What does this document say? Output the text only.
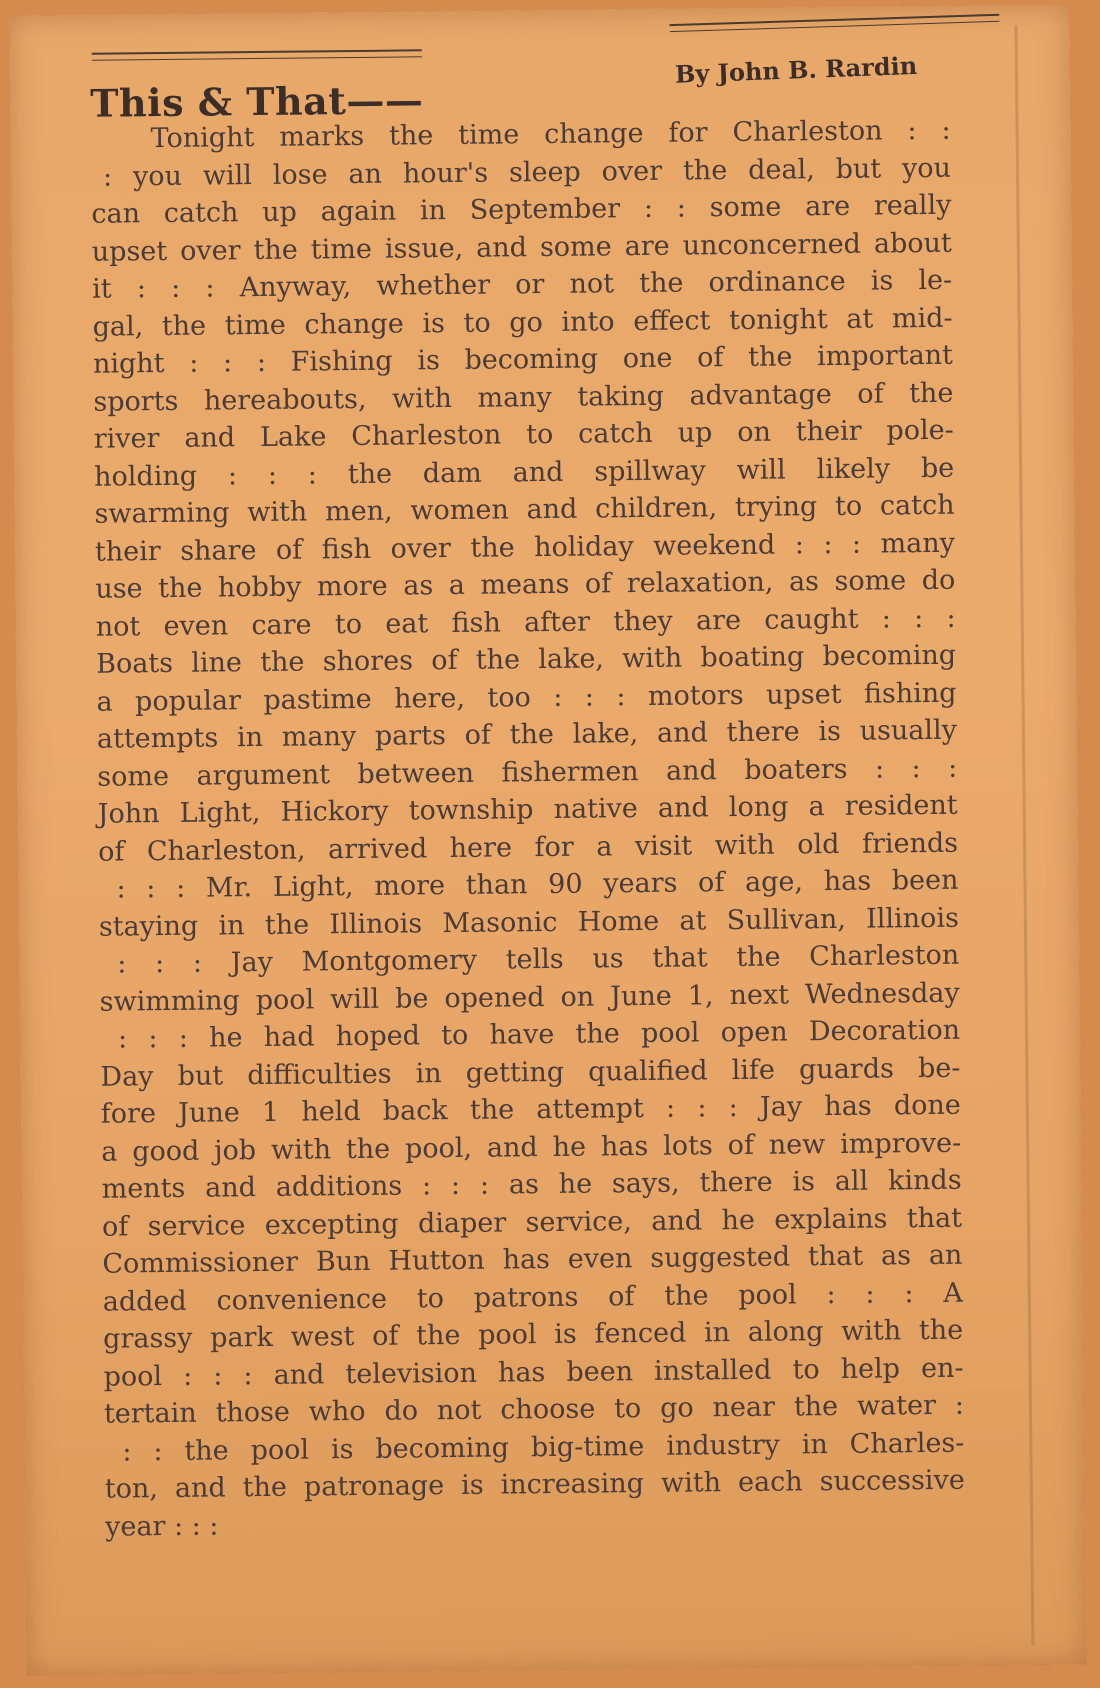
This & That——
By John B. Rardin
Tonight marks the time change for Charleston : :
: you will lose an hour's sleep over the deal, but you
can catch up again in September : : some are really
upset over the time issue, and some are unconcerned about
it : : : Anyway, whether or not the ordinance is le-
gal, the time change is to go into effect tonight at mid-
night : : : Fishing is becoming one of the important
sports hereabouts, with many taking advantage of the
river and Lake Charleston to catch up on their pole-
holding : : : the dam and spillway will likely be
swarming with men, women and children, trying to catch
their share of fish over the holiday weekend : : : many
use the hobby more as a means of relaxation, as some do
not even care to eat fish after they are caught : : :
Boats line the shores of the lake, with boating becoming
a popular pastime here, too : : : motors upset fishing
attempts in many parts of the lake, and there is usually
some argument between fishermen and boaters : : :
John Light, Hickory township native and long a resident
of Charleston, arrived here for a visit with old friends
: : : Mr. Light, more than 90 years of age, has been
staying in the Illinois Masonic Home at Sullivan, Illinois
: : : Jay Montgomery tells us that the Charleston
swimming pool will be opened on June 1, next Wednesday
: : : he had hoped to have the pool open Decoration
Day but difficulties in getting qualified life guards be-
fore June 1 held back the attempt : : : Jay has done
a good job with the pool, and he has lots of new improve-
ments and additions : : : as he says, there is all kinds
of service excepting diaper service, and he explains that
Commissioner Bun Hutton has even suggested that as an
added convenience to patrons of the pool : : : A
grassy park west of the pool is fenced in along with the
pool : : : and television has been installed to help en-
tertain those who do not choose to go near the water :
: : the pool is becoming big-time industry in Charles-
ton, and the patronage is increasing with each successive
year : : :
